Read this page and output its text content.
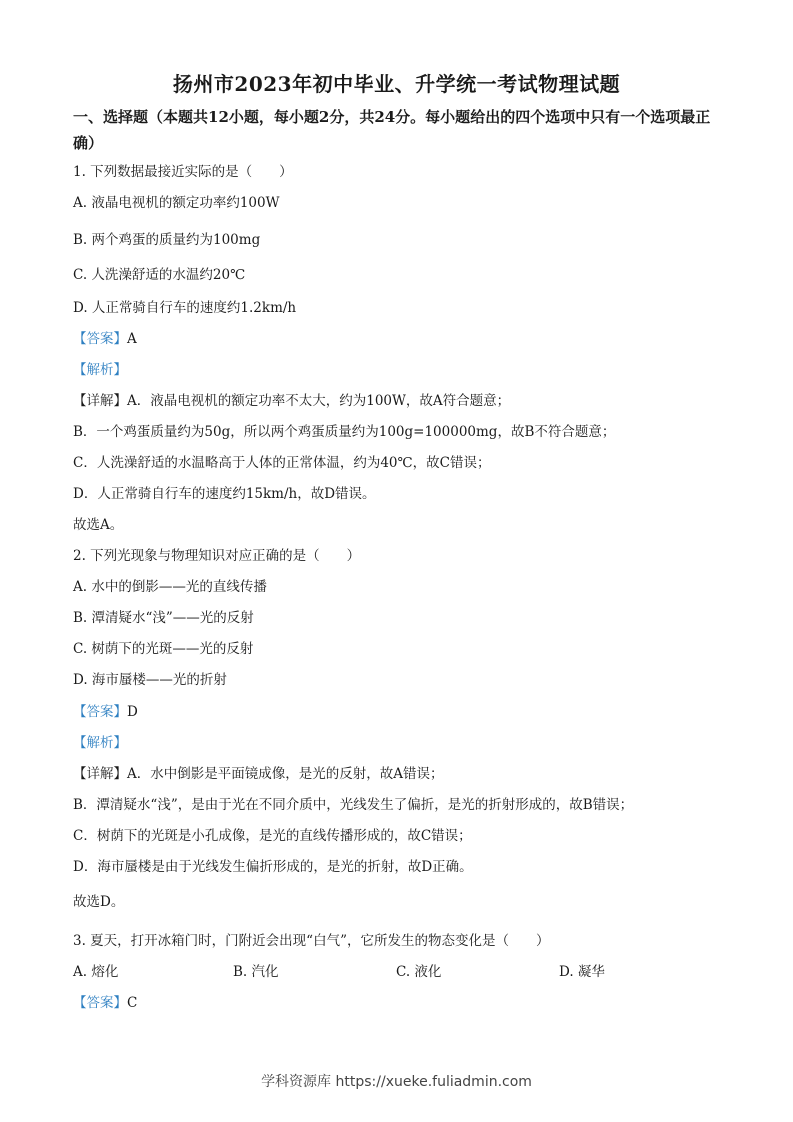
扬州市2023年初中毕业、升学统一考试物理试题
一、选择题（本题共12小题，每小题2分，共24分。每小题给出的四个选项中只有一个选项最正确）
1. 下列数据最接近实际的是（　　）
A. 液晶电视机的额定功率约100W
B. 两个鸡蛋的质量约为100mg
C. 人洗澡舒适的水温约20℃
D. 人正常骑自行车的速度约1.2km/h
【答案】A
【解析】
【详解】A．液晶电视机的额定功率不太大，约为100W，故A符合题意；
B．一个鸡蛋质量约为50g，所以两个鸡蛋质量约为100g=100000mg，故B不符合题意；
C．人洗澡舒适的水温略高于人体的正常体温，约为40℃，故C错误；
D．人正常骑自行车的速度约15km/h，故D错误。
故选A。
2. 下列光现象与物理知识对应正确的是（　　）
A. 水中的倒影——光的直线传播
B. 潭清疑水“浅”——光的反射
C. 树荫下的光斑——光的反射
D. 海市蜃楼——光的折射
【答案】D
【解析】
【详解】A．水中倒影是平面镜成像，是光的反射，故A错误；
B．潭清疑水“浅”，是由于光在不同介质中，光线发生了偏折，是光的折射形成的，故B错误；
C．树荫下的光斑是小孔成像，是光的直线传播形成的，故C错误；
D．海市蜃楼是由于光线发生偏折形成的，是光的折射，故D正确。
故选D。
3. 夏天，打开冰箱门时，门附近会出现“白气”，它所发生的物态变化是（　　）
A. 熔化	B. 汽化	C. 液化	D. 凝华
【答案】C
学科资源库 https://xueke.fuliadmin.com
